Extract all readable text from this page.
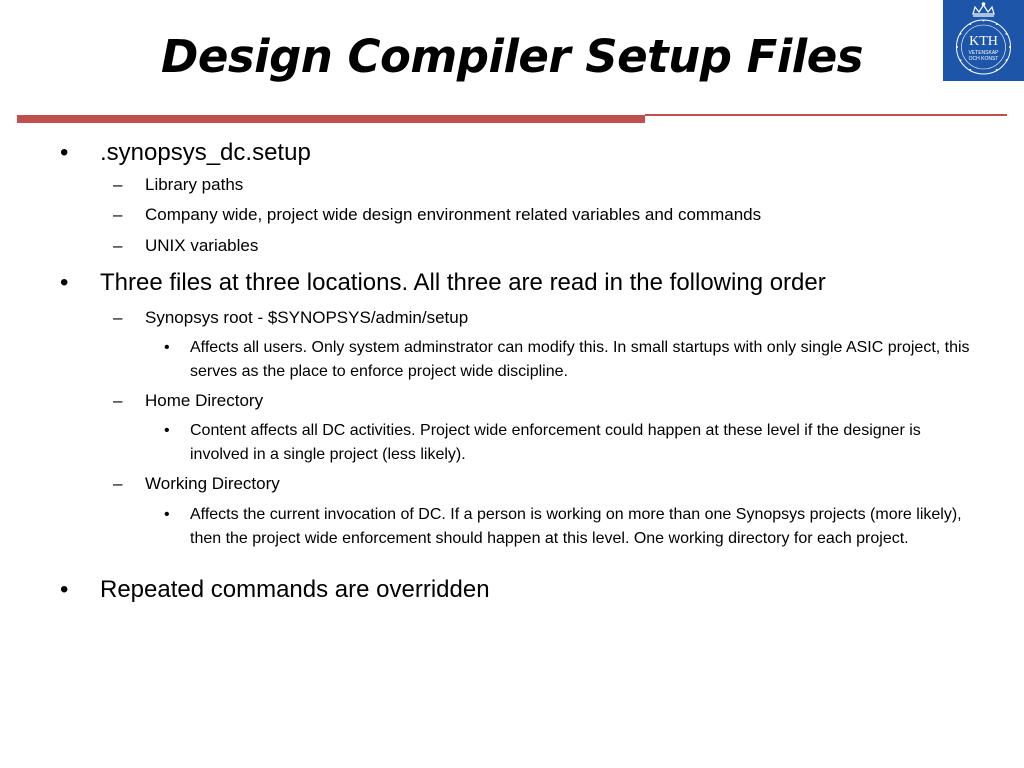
Design Compiler Setup Files	KTH
VETENSKAP
OCH KONST
• .synopsys_dc.setup
– Library paths
– Company wide, project wide design environment related variables and commands
– UNIX variables
• Three files at three locations. All three are read in the following order
– Synopsys root - $SYNOPSYS/admin/setup
• Affects all users. Only system adminstrator can modify this. In small startups with only single ASIC project, this serves as the place to enforce project wide discipline.
– Home Directory
• Content affects all DC activities. Project wide enforcement could happen at these level if the designer is involved in a single project (less likely).
– Working Directory
• Affects the current invocation of DC. If a person is working on more than one Synopsys projects (more likely), then the project wide enforcement should happen at this level. One working directory for each project.
• Repeated commands are overridden
